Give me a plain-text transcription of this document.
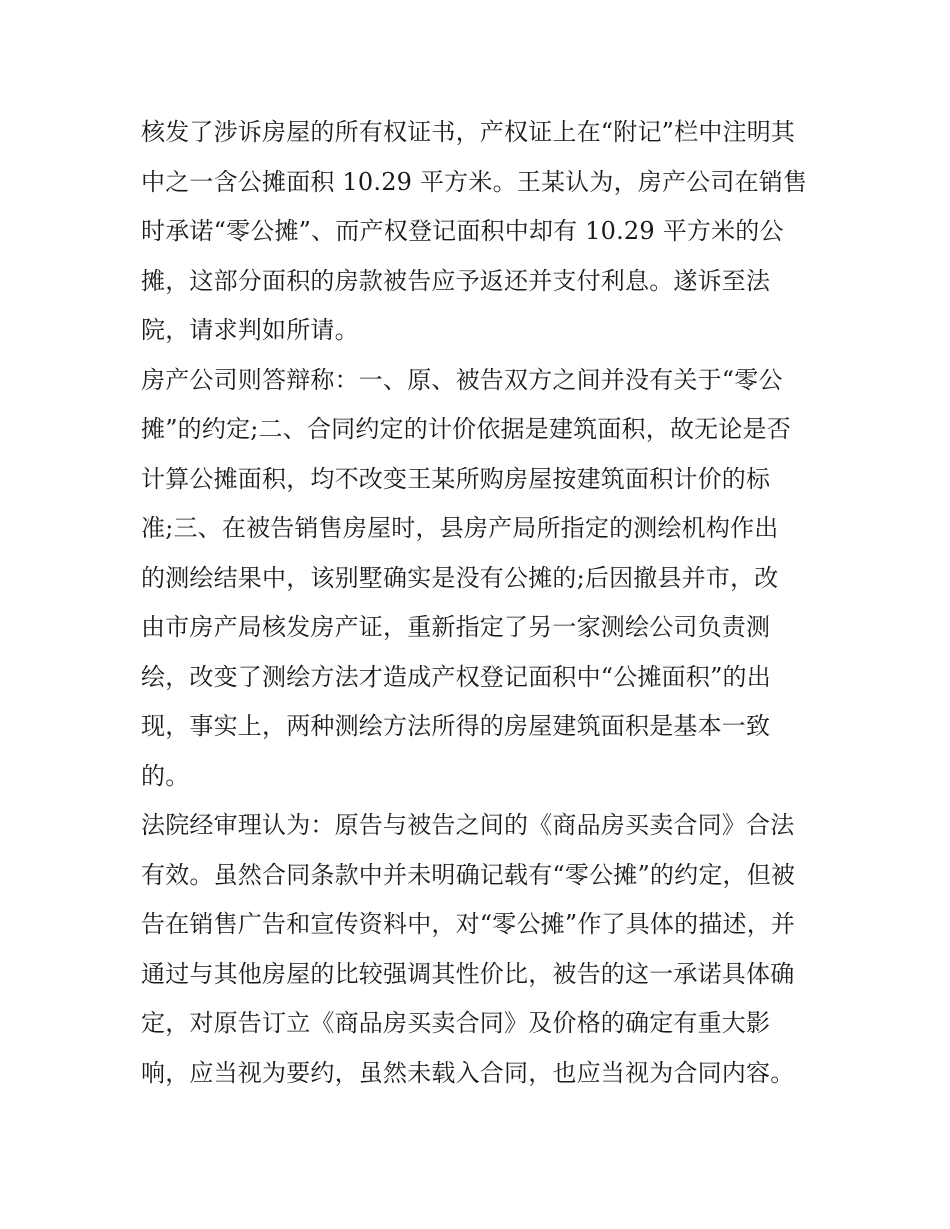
核发了涉诉房屋的所有权证书，产权证上在“附记”栏中注明其
中之一含公摊面积 10.29 平方米。王某认为，房产公司在销售
时承诺“零公摊”、而产权登记面积中却有 10.29 平方米的公
摊，这部分面积的房款被告应予返还并支付利息。遂诉至法
院，请求判如所请。
房产公司则答辩称：一、原、被告双方之间并没有关于“零公
摊”的约定;二、合同约定的计价依据是建筑面积，故无论是否
计算公摊面积，均不改变王某所购房屋按建筑面积计价的标
准;三、在被告销售房屋时，县房产局所指定的测绘机构作出
的测绘结果中，该别墅确实是没有公摊的;后因撤县并市，改
由市房产局核发房产证，重新指定了另一家测绘公司负责测
绘，改变了测绘方法才造成产权登记面积中“公摊面积”的出
现，事实上，两种测绘方法所得的房屋建筑面积是基本一致
的。
法院经审理认为：原告与被告之间的《商品房买卖合同》合法
有效。虽然合同条款中并未明确记载有“零公摊”的约定，但被
告在销售广告和宣传资料中，对“零公摊”作了具体的描述，并
通过与其他房屋的比较强调其性价比，被告的这一承诺具体确
定，对原告订立《商品房买卖合同》及价格的确定有重大影
响，应当视为要约，虽然未载入合同，也应当视为合同内容。
